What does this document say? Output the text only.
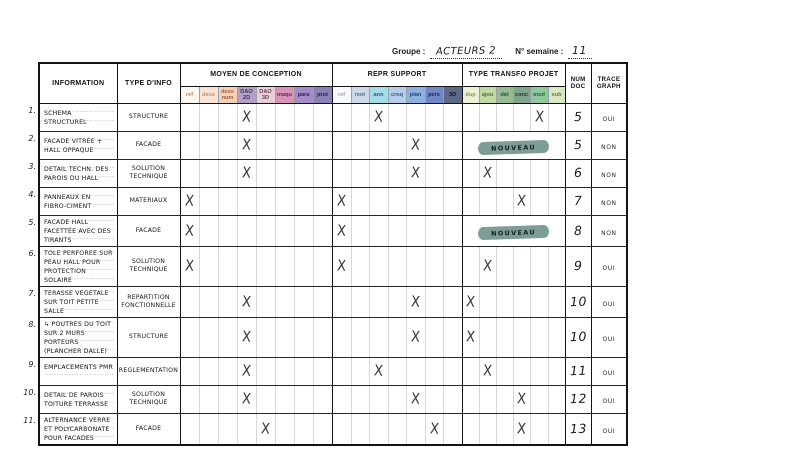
Groupe : ACTEURS 2 N° semaine : 11
INFORMATION	TYPE D'INFO	MOYEN DE CONCEPTION								REPR SUPPORT							TYPE TRANSFO PROJET						NUM DOC	TRACE GRAPH
		ref	dess	dess num	DAO 2D	DAO 3D	maqu	para	prot	ref	mot	ann	croq	plan	pers	3D	dup	ajou	dét	conc	mod	sub		

SCHEMA STRUCTUREL	STRUCTURE				X							X									X		5	OUI

FACADE VITRÉE + HALL OPPAQUE	FACADE				X									X			NOUVEAU						5	NON

DETAIL TECHN. DES PAROIS DU HALL	SOLUTION TECHNIQUE				X									X				X					6	NON

PANNEAUX EN FIBRO-CIMENT	MATERIAUX	X								X										X			7	NON

FACADE HALL FACETTÉE AVEC DES TIRANTS	FACADE	X								X							NOUVEAU						8	NON

TOLE PERFOREE SUR PEAU HALL POUR PROTECTION SOLAIRE	SOLUTION TECHNIQUE	X								X								X					9	OUI

TERASSE VEGETALE SUR TOIT PETITE SALLE	REPARTITION FONCTIONNELLE				X									X			X						10	OUI

↳ POUTRES DU TOIT SUR 2 MURS PORTEURS (PLANCHER DALLE)	STRUCTURE				X									X			X						10	OUI

EMPLACEMENTS PMR	REGLEMENTATION				X							X						X					11	OUI

DETAIL DE PAROIS TOITURE TERRASSE	SOLUTION TECHNIQUE				X									X						X			12	OUI

ALTERNANCE VERRE ET POLYCARBONATE POUR FACADES	FACADE					X									X					X			13	OUI
1.
2.
3.
4.
5.
6.
7.
8.
9.
10.
11.
